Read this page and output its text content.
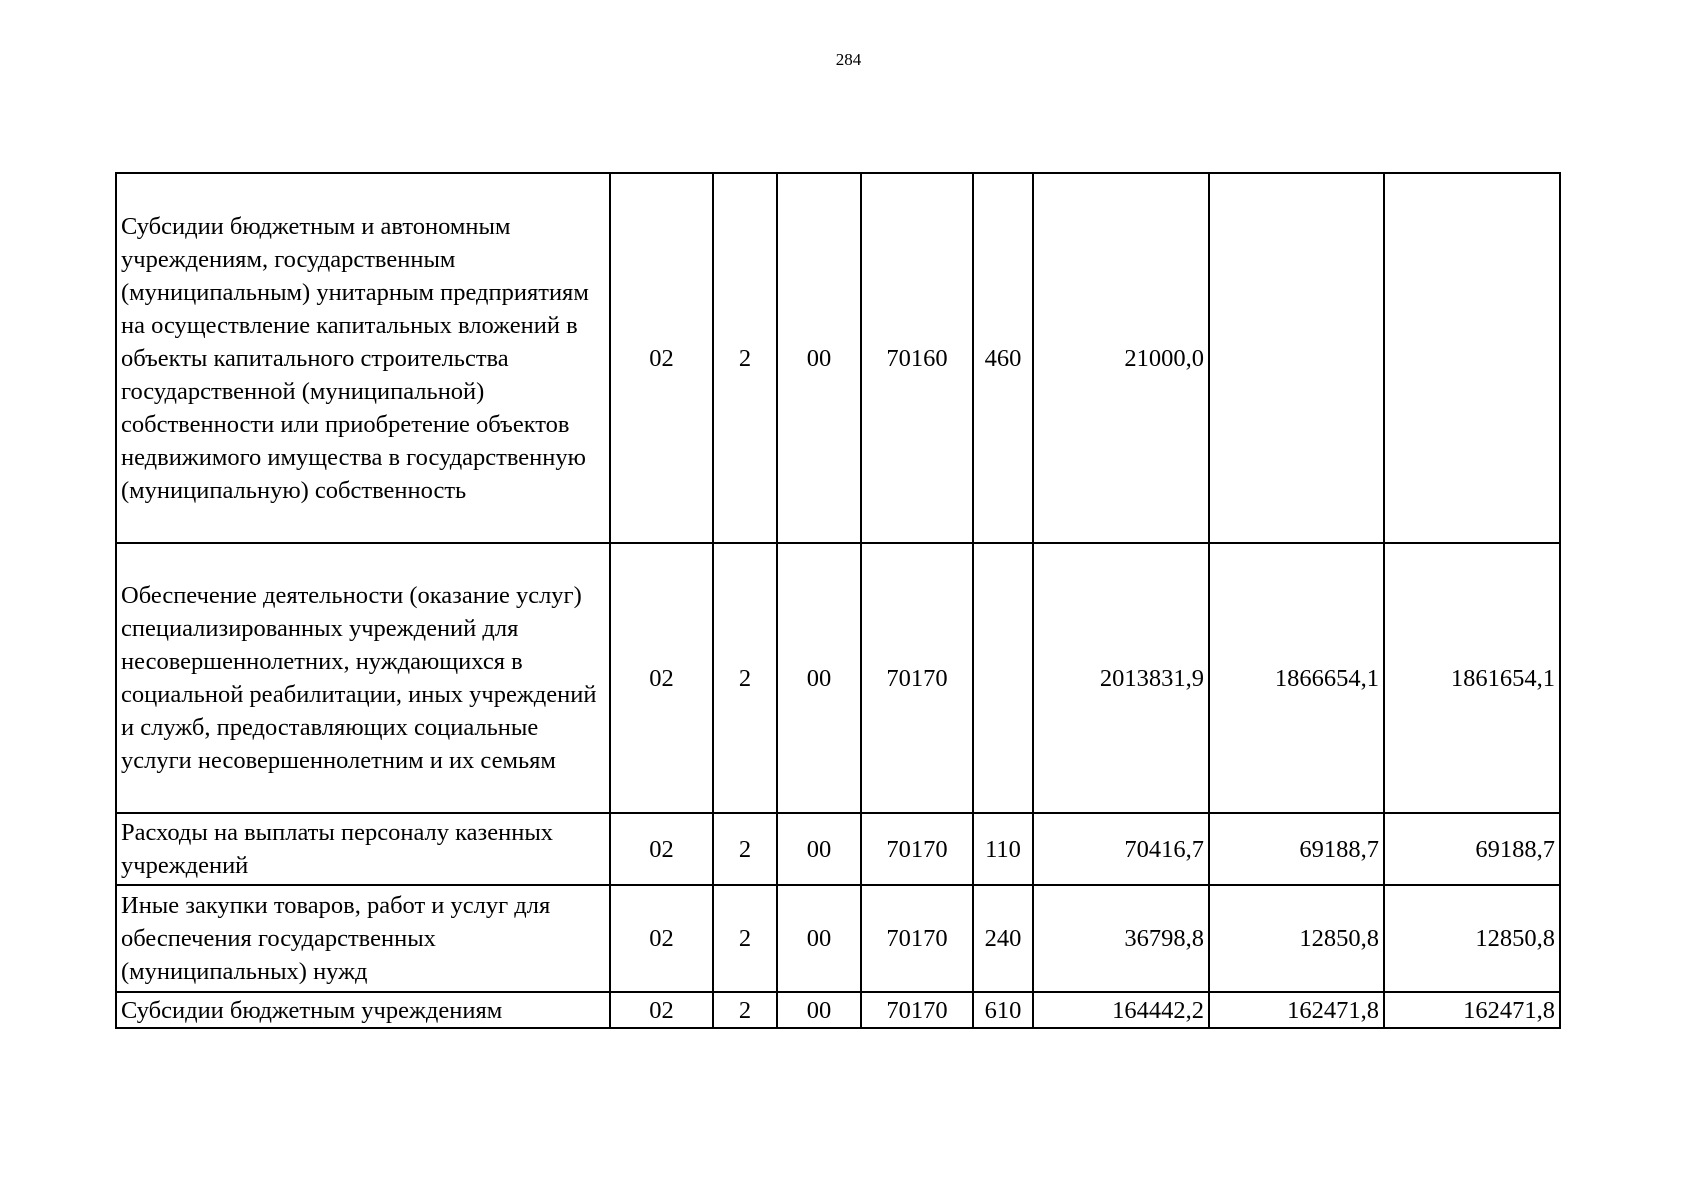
284
Субсидии бюджетным и автономным учреждениям, государственным (муниципальным) унитарным предприятиям на осуществление капитальных вложений в объекты капитального строительства государственной (муниципальной) собственности или приобретение объектов недвижимого имущества в государственную (муниципальную) собственность	02	2	00	70160	460	21000,0		
Обеспечение деятельности (оказание услуг) специализированных учреждений для несовершеннолетних, нуждающихся в социальной реабилитации, иных учреждений и служб, предоставляющих социальные услуги несовершеннолетним и их семьям	02	2	00	70170		2013831,9	1866654,1	1861654,1
Расходы на выплаты персоналу казенных учреждений	02	2	00	70170	110	70416,7	69188,7	69188,7
Иные закупки товаров, работ и услуг для обеспечения государственных (муниципальных) нужд	02	2	00	70170	240	36798,8	12850,8	12850,8
Субсидии бюджетным учреждениям	02	2	00	70170	610	164442,2	162471,8	162471,8
